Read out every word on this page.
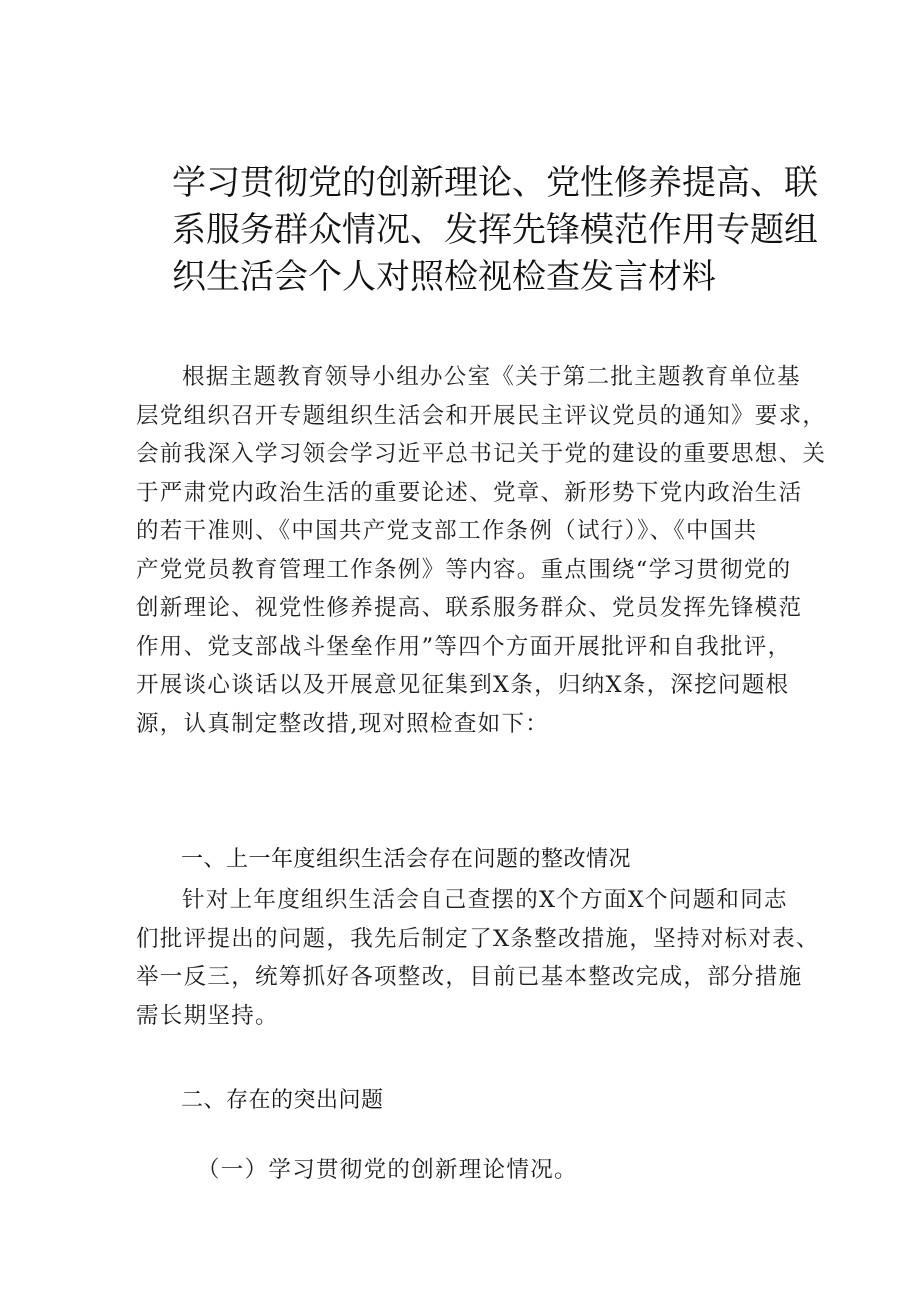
学习贯彻党的创新理论、党性修养提高、联
系服务群众情况、发挥先锋模范作用专题组
织生活会个人对照检视检查发言材料
根据主题教育领导小组办公室《关于第二批主题教育单位基
层党组织召开专题组织生活会和开展民主评议党员的通知》要求，
会前我深入学习领会学习近平总书记关于党的建设的重要思想、关
于严肃党内政治生活的重要论述、党章、新形势下党内政治生活
的若干准则、《中国共产党支部工作条例（试行）》、《中国共
产党党员教育管理工作条例》等内容。重点围绕“学习贯彻党的
创新理论、视党性修养提高、联系服务群众、党员发挥先锋模范
作用、党支部战斗堡垒作用”等四个方面开展批评和自我批评，
开展谈心谈话以及开展意见征集到X条，归纳X条，深挖问题根
源，认真制定整改措,现对照检查如下：
一、上一年度组织生活会存在问题的整改情况
针对上年度组织生活会自己查摆的X个方面X个问题和同志
们批评提出的问题，我先后制定了X条整改措施，坚持对标对表、
举一反三，统筹抓好各项整改，目前已基本整改完成，部分措施
需长期坚持。
二、存在的突出问题
（一）学习贯彻党的创新理论情况。
